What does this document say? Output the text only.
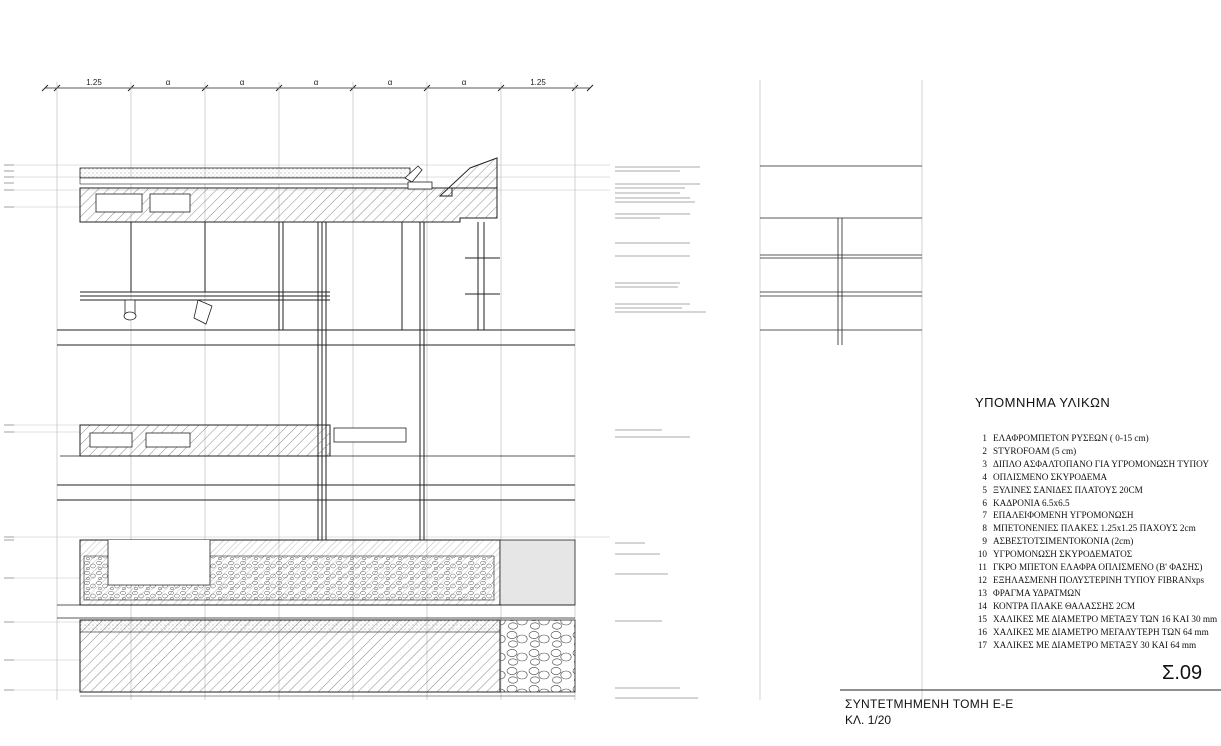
1.25	α	α	α	α	α	1.25
ΥΠΟΜΝΗΜΑ ΥΛΙΚΩΝ
1 ΕΛΑΦΡΟΜΠΕΤΟΝ ΡΥΣΕΩΝ ( 0-15 cm)
2 STYROFOAM (5 cm)
3 ΔΙΠΛΟ ΑΣΦΑΛΤΟΠΑΝΟ ΓΙΑ ΥΓΡΟΜΟΝΩΣΗ ΤΥΠΟΥ
4 ΟΠΛΙΣΜΕΝΟ ΣΚΥΡΟΔΕΜΑ
5 ΞΥΛΙΝΕΣ ΣΑΝΙΔΕΣ ΠΛΑΤΟΥΣ 20CM
6 ΚΑΔΡΟΝΙΑ 6.5x6.5
7 ΕΠΑΛΕΙΦΟΜΕΝΗ ΥΓΡΟΜΟΝΩΣΗ
8 ΜΠΕΤΟΝΕΝΙΕΣ ΠΛΑΚΕΣ 1.25x1.25 ΠΑΧΟΥΣ 2cm
9 ΑΣΒΕΣΤΟΤΣΙΜΕΝΤΟΚΟΝΙΑ (2cm)
10 ΥΓΡΟΜΟΝΩΣΗ ΣΚΥΡΟΔΕΜΑΤΟΣ
11 ΓΚΡΟ ΜΠΕΤΟΝ ΕΛΑΦΡΑ ΟΠΛΙΣΜΕΝΟ (Β' ΦΑΣΗΣ)
12 ΕΞΗΛΑΣΜΕΝΗ ΠΟΛΥΣΤΕΡΙΝΗ ΤΥΠΟΥ FIBRANxps
13 ΦΡΑΓΜΑ ΥΔΡΑΤΜΩΝ
14 ΚΟΝΤΡΑ ΠΛΑΚΕ ΘΑΛΑΣΣΗΣ 2CM
15 ΧΑΛΙΚΕΣ ΜΕ ΔΙΑΜΕΤΡΟ ΜΕΤΑΞΥ ΤΩΝ 16 ΚΑΙ 30 mm
16 ΧΑΛΙΚΕΣ ΜΕ ΔΙΑΜΕΤΡΟ ΜΕΓΑΛΥΤΕΡΗ ΤΩΝ 64 mm
17 ΧΑΛΙΚΕΣ ΜΕ ΔΙΑΜΕΤΡΟ ΜΕΤΑΞΥ 30 ΚΑΙ 64 mm
Σ.09
ΣΥΝΤΕΤΜΗΜΕΝΗ ΤΟΜΗ Ε-Ε
ΚΛ. 1/20
